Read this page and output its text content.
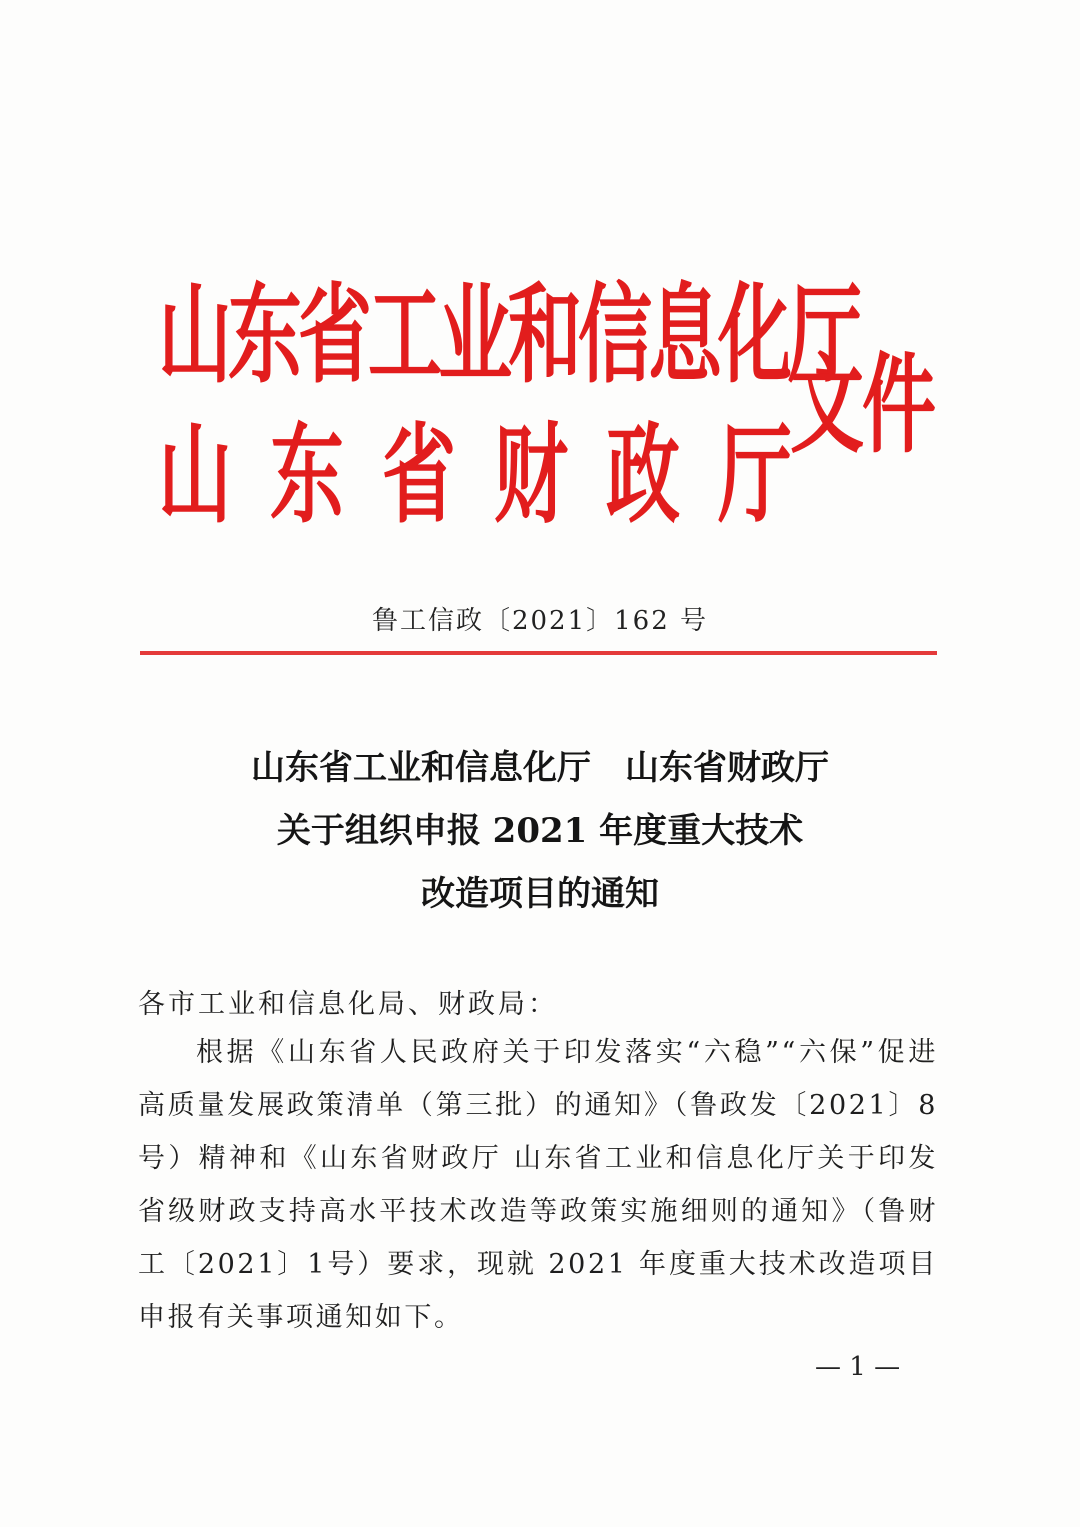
山东省工业和信息化厅
山东省财政厅
文件
鲁工信政〔2021〕162 号
山东省工业和信息化厅　山东省财政厅
关于组织申报 2021 年度重大技术
改造项目的通知
各市工业和信息化局、财政局：
根据《山东省人民政府关于印发落实“六稳”“六保”促进高质量发展政策清单（第三批）的通知》（鲁政发〔2021〕8号）精神和《山东省财政厅 山东省工业和信息化厅关于印发省级财政支持高水平技术改造等政策实施细则的通知》（鲁财工〔2021〕1号）要求，现就 2021 年度重大技术改造项目申报有关事项通知如下。
— 1 —
